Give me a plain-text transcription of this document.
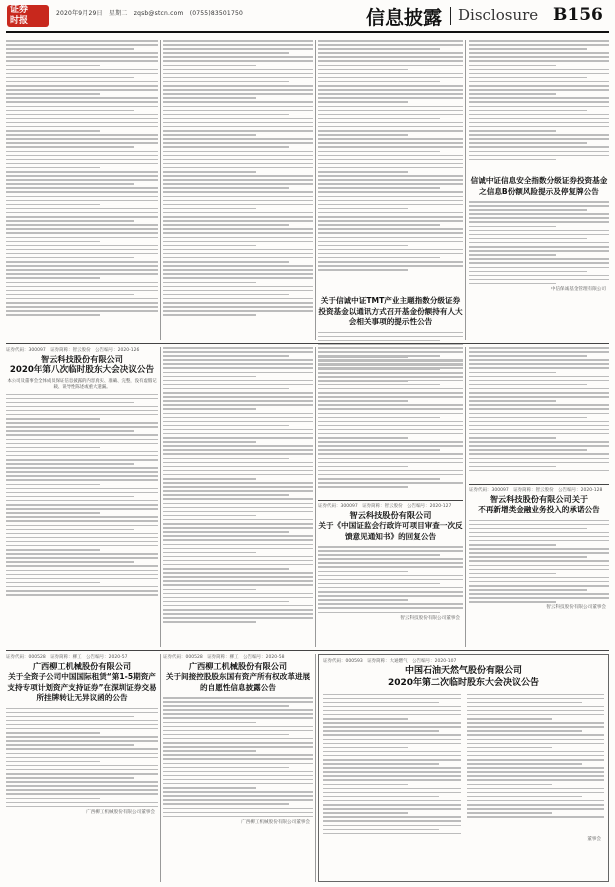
证券
时报
2020年9月29日　星期二　zqsb@stcn.com　(0755)83501750	信息披露 Disclosure B156
关于信诚中证TMT产业主题指数分级证券投资基金以通讯方式召开基金份额持有人大会相关事项的提示性公告
信诚中证信息安全指数分级证券投资基金之信息B份额风险提示及停复牌公告
中信保诚基金管理有限公司
证券代码：300097　证券简称：智云股份　公告编号：2020-126
智云科技股份有限公司
2020年第八次临时股东大会决议公告
本公司及董事会全体成员保证信息披露的内容真实、准确、完整，没有虚假记载、误导性陈述或重大遗漏。
证券代码：300097　证券简称：智云股份　公告编号：2020-127
智云科技股份有限公司
关于《中国证监会行政许可项目审查一次反馈意见通知书》的回复公告
智云科技股份有限公司董事会
证券代码：300097　证券简称：智云股份　公告编号：2020-128
智云科技股份有限公司关于
不再新增类金融业务投入的承诺公告
智云科技股份有限公司董事会
证券代码：000528　证券简称：柳工　公告编号：2020-57
广西柳工机械股份有限公司
关于全资子公司中国国际租赁“第1-5期资产支持专项计划资产支持证券”在深圳证券交易所挂牌转让无异议函的公告
广西柳工机械股份有限公司董事会
证券代码：000528　证券简称：柳工　公告编号：2020-58
广西柳工机械股份有限公司
关于间接控股股东国有资产所有权改革进展的自愿性信息披露公告
广西柳工机械股份有限公司董事会
证券代码：000593　证券简称：大通燃气　公告编号：2020-107
中国石油天然气股份有限公司
2020年第二次临时股东大会决议公告
董事会
